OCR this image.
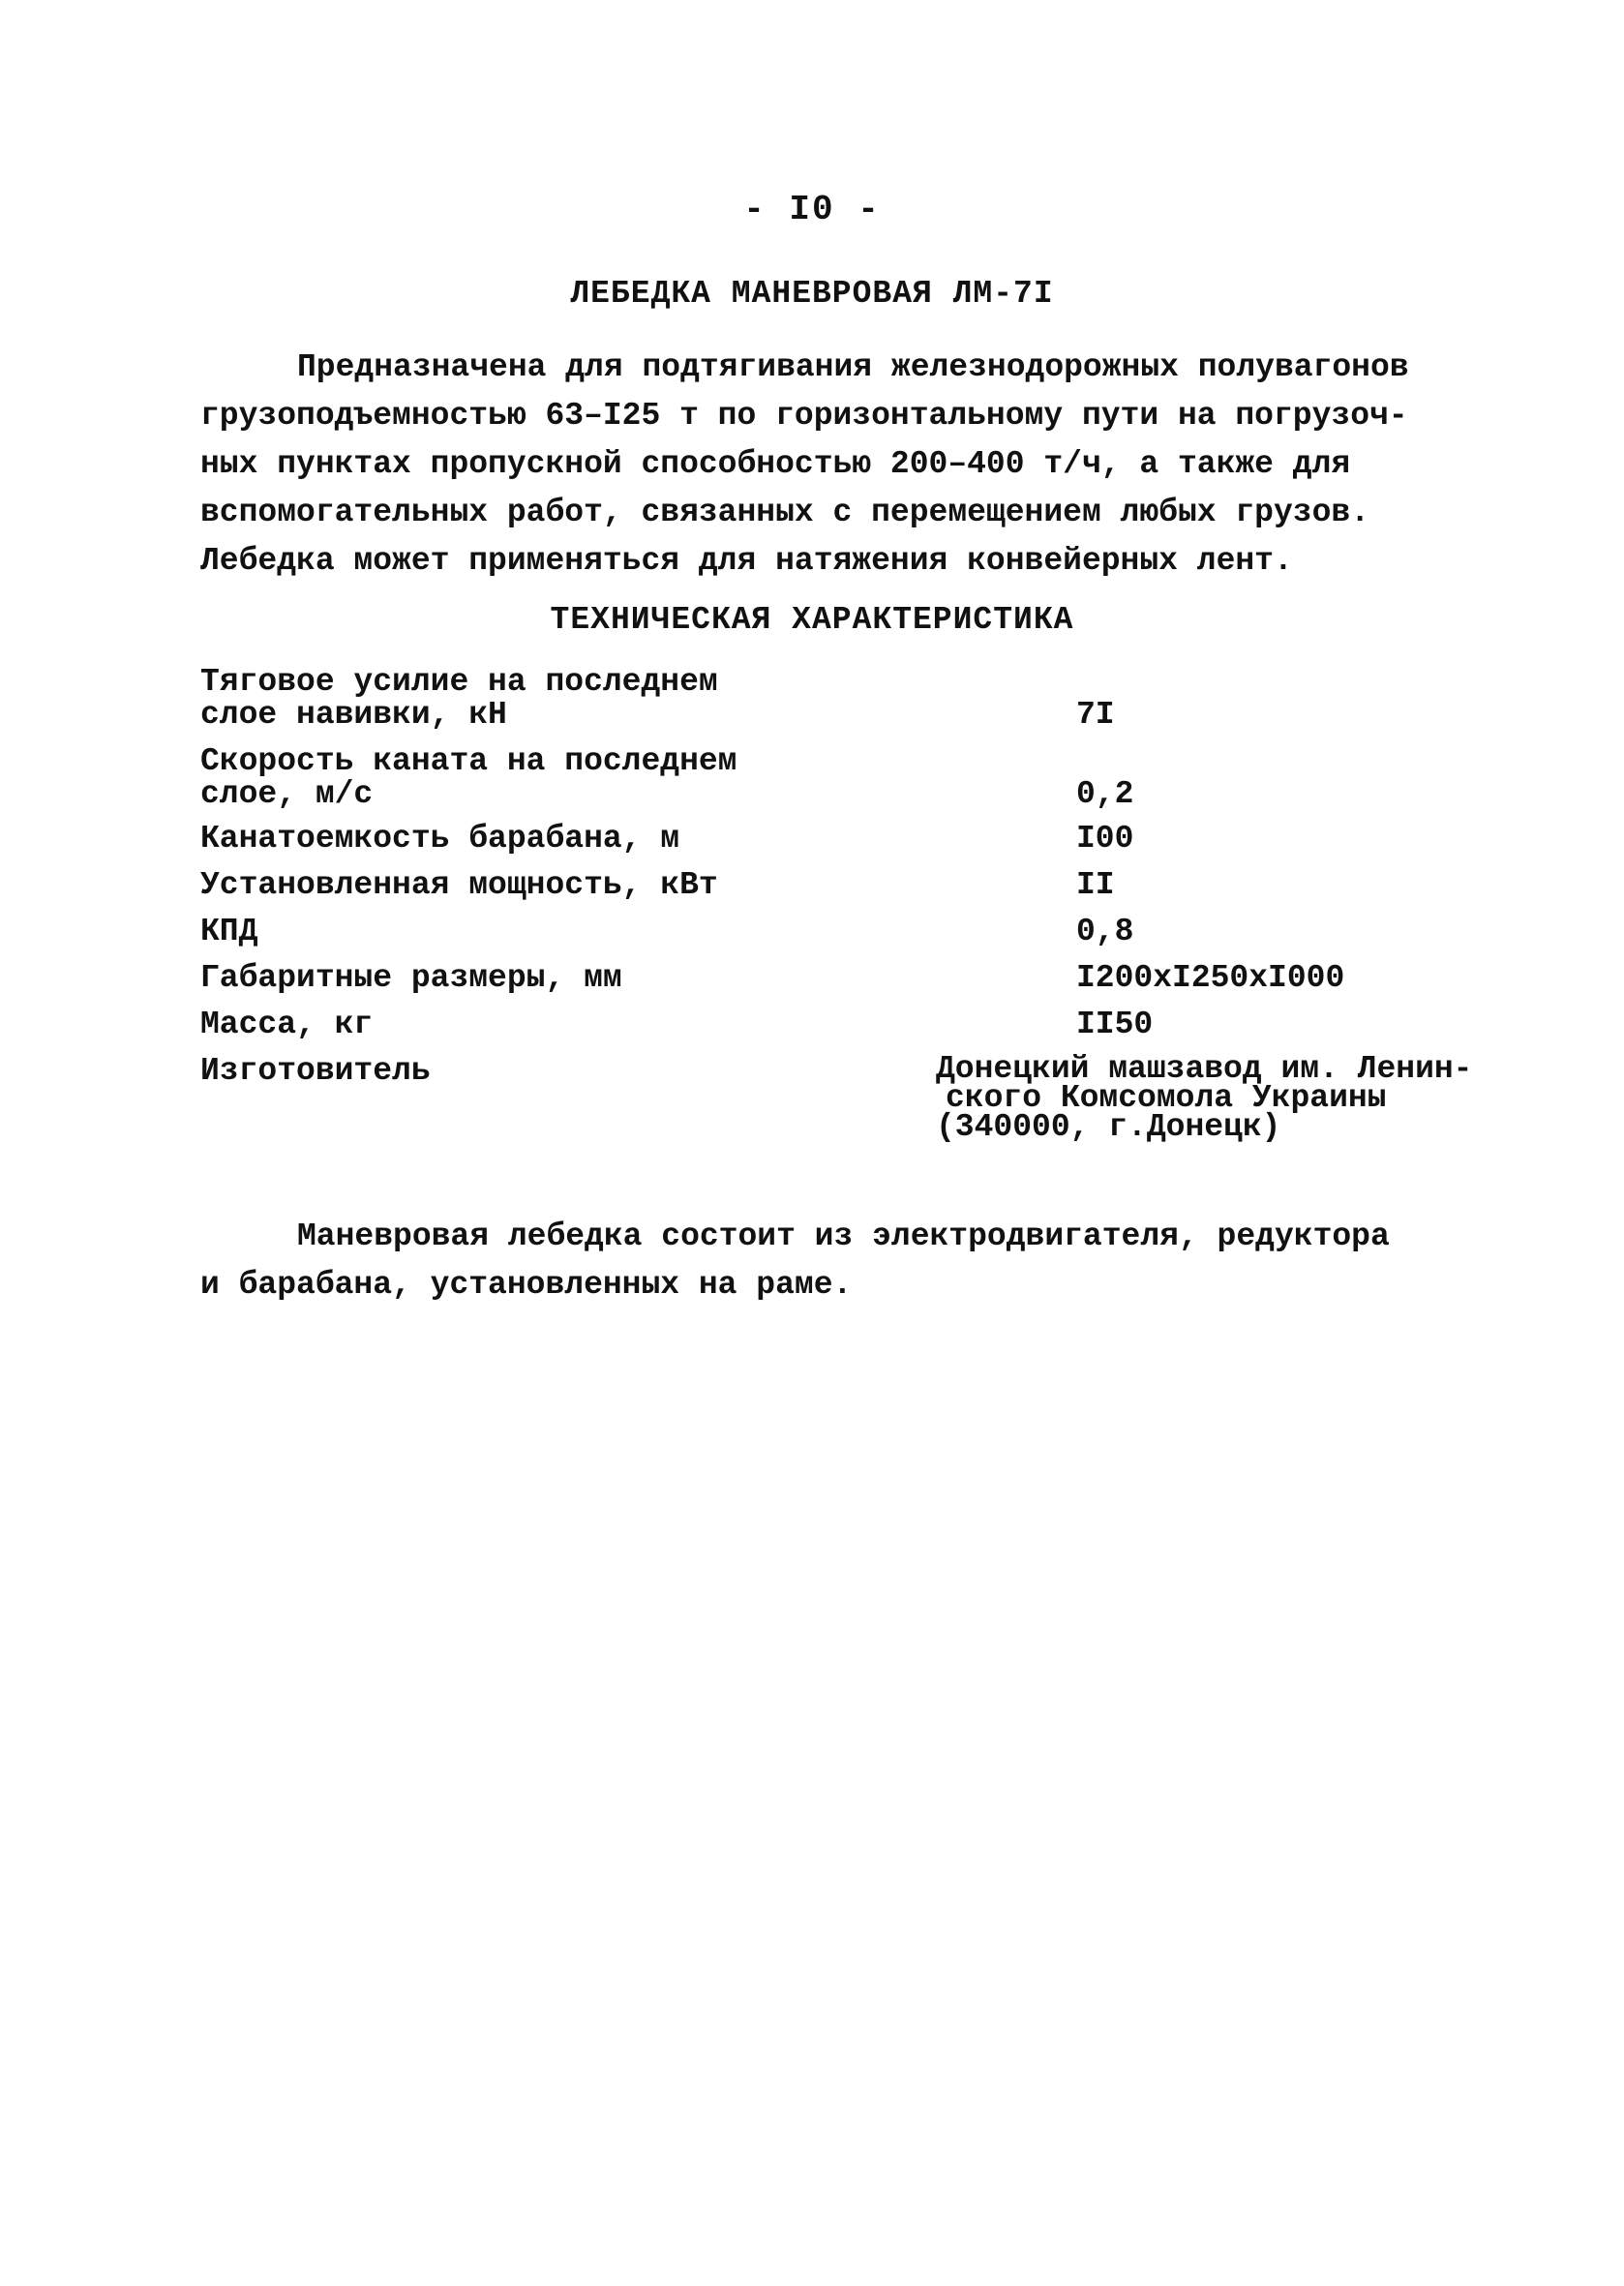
- I0 -
ЛЕБЕДКА МАНЕВРОВАЯ ЛМ-7I
Предназначена для подтягивания железнодорожных полувагонов
грузоподъемностью 63–I25 т по горизонтальному пути на погрузоч-
ных пунктах пропускной способностью 200–400 т/ч, а также для
вспомогательных работ, связанных с перемещением любых грузов.
Лебедка может применяться для натяжения конвейерных лент.
ТЕХНИЧЕСКАЯ ХАРАКТЕРИСТИКА
Тяговое усилие на последнем
слое навивки, кН	7I
Скорость каната на последнем
слое, м/с	0,2
Канатоемкость барабана, м	I00
Установленная мощность, кВт	II
КПД	0,8
Габаритные размеры, мм	I200xI250xI000
Масса, кг	II50
Изготовитель	Донецкий машзавод им. Ленин-
ского Комсомола Украины
(340000, г.Донецк)
Маневровая лебедка состоит из электродвигателя, редуктора
и барабана, установленных на раме.
